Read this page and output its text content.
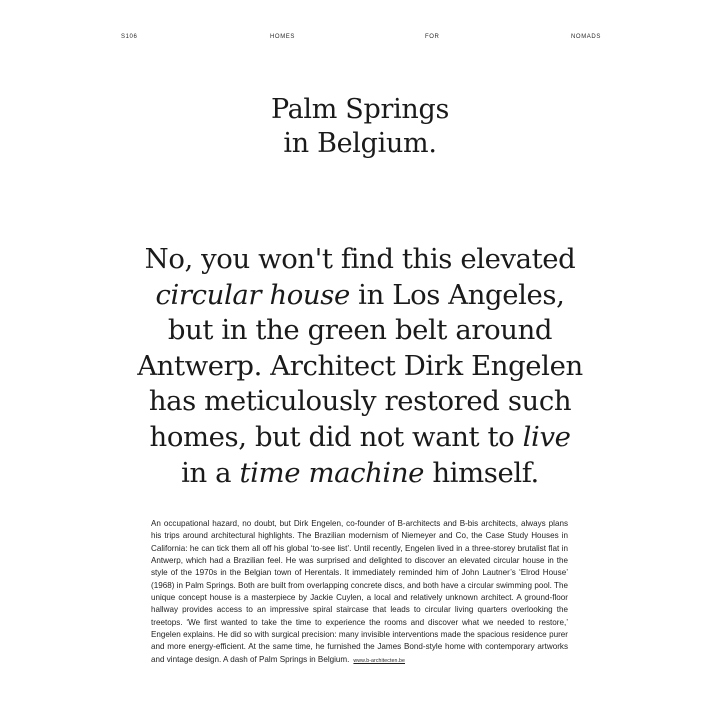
S106	HOMES	FOR	NOMADS
Palm Springs
in Belgium.
No, you won't find this elevated
circular house in Los Angeles,
but in the green belt around
Antwerp. Architect Dirk Engelen
has meticulously restored such
homes, but did not want to live
in a time machine himself.
An occupational hazard, no doubt, but Dirk Engelen, co-founder of B-architects and B-bis architects, always plans his trips around architectural highlights. The Brazilian modernism of Niemeyer and Co, the Case Study Houses in California: he can tick them all off his global ‘to-see list’. Until recently, Engelen lived in a three-storey brutalist flat in Antwerp, which had a Brazilian feel. He was surprised and delighted to discover an elevated circular house in the style of the 1970s in the Belgian town of Herentals. It immediately reminded him of John Lautner’s ‘Elrod House’ (1968) in Palm Springs. Both are built from overlapping concrete discs, and both have a circular swimming pool. The unique concept house is a masterpiece by Jackie Cuylen, a local and relatively unknown architect. A ground-floor hallway provides access to an impressive spiral staircase that leads to circular living quarters overlooking the treetops. ‘We first wanted to take the time to experience the rooms and discover what we needed to restore,’ Engelen explains. He did so with surgical precision: many invisible interventions made the spacious residence purer and more energy-efficient. At the same time, he furnished the James Bond-style home with contemporary artworks and vintage design. A dash of Palm Springs in Belgium. www.b-architecten.be
